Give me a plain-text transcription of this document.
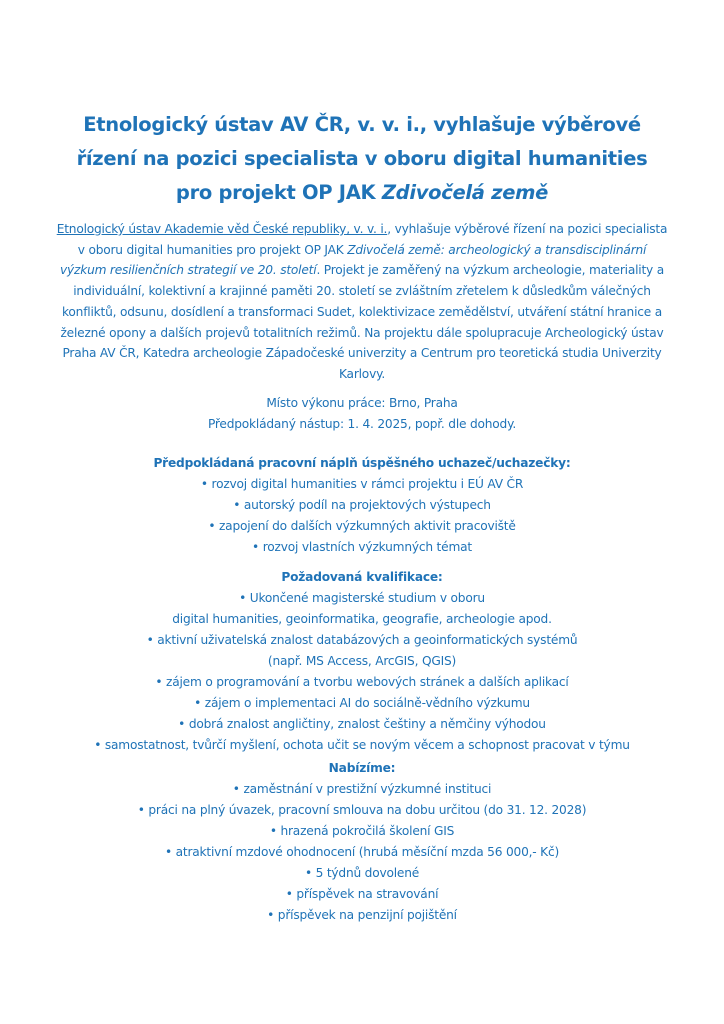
Etnologický ústav AV ČR, v. v. i., vyhlašuje výběrové
řízení na pozici specialista v oboru digital humanities
pro projekt OP JAK Zdivočelá země

Etnologický ústav Akademie věd České republiky, v. v. i., vyhlašuje výběrové řízení na pozici specialista v oboru digital humanities pro projekt OP JAK Zdivočelá země: archeologický a transdisciplinární výzkum resilienčních strategií ve 20. století. Projekt je zaměřený na výzkum archeologie, materiality a individuální, kolektivní a krajinné paměti 20. století se zvláštním zřetelem k důsledkům válečných konfliktů, odsunu, dosídlení a transformaci Sudet, kolektivizace zemědělství, utváření státní hranice a železné opony a dalších projevů totalitních režimů. Na projektu dále spolupracuje Archeologický ústav Praha AV ČR, Katedra archeologie Západočeské univerzity a Centrum pro teoretická studia Univerzity Karlovy.

Místo výkonu práce: Brno, Praha
Předpokládaný nástup: 1. 4. 2025, popř. dle dohody.
Předpokládaná pracovní náplň úspěšného uchazeč/uchazečky:
• rozvoj digital humanities v rámci projektu i EÚ AV ČR
• autorský podíl na projektových výstupech
• zapojení do dalších výzkumných aktivit pracoviště
• rozvoj vlastních výzkumných témat
Požadovaná kvalifikace:
• Ukončené magisterské studium v oboru
digital humanities, geoinformatika, geografie, archeologie apod.
• aktivní uživatelská znalost databázových a geoinformatických systémů
(např. MS Access, ArcGIS, QGIS)
• zájem o programování a tvorbu webových stránek a dalších aplikací
• zájem o implementaci AI do sociálně-vědního výzkumu
• dobrá znalost angličtiny, znalost češtiny a němčiny výhodou
• samostatnost, tvůrčí myšlení, ochota učit se novým věcem a schopnost pracovat v týmu
Nabízíme:
• zaměstnání v prestižní výzkumné instituci
• práci na plný úvazek, pracovní smlouva na dobu určitou (do 31. 12. 2028)
• hrazená pokročilá školení GIS
• atraktivní mzdové ohodnocení (hrubá měsíční mzda 56 000,- Kč)
• 5 týdnů dovolené
• příspěvek na stravování
• příspěvek na penzijní pojištění
